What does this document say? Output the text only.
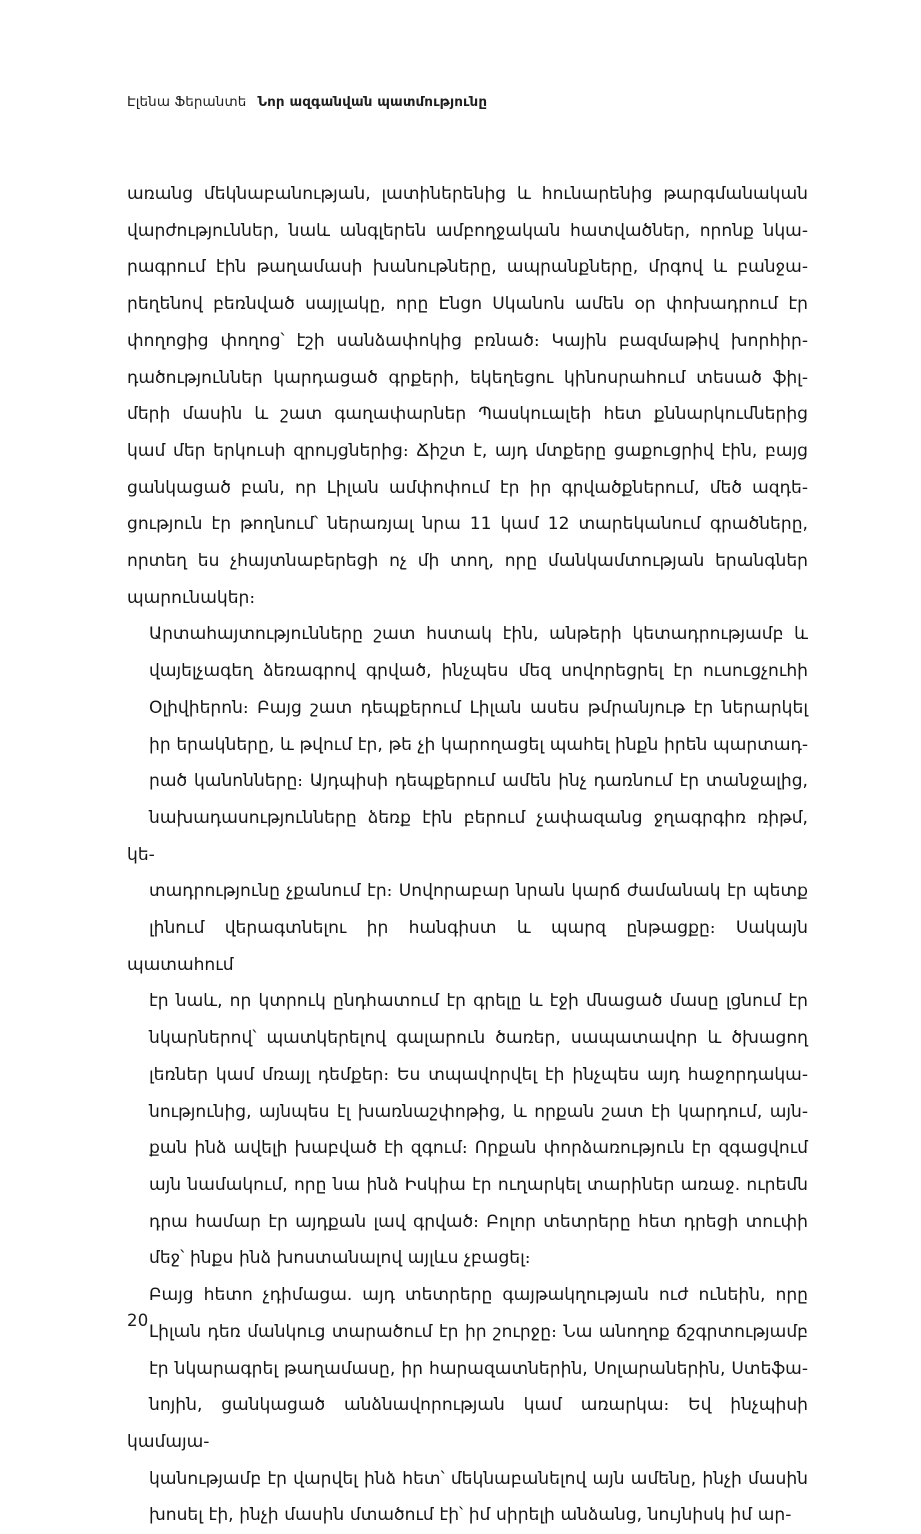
Էլենա Ֆերանտե Նոր ազգանվան պատմությունը

առանց մեկնաբանության, լատիներենից և հունարենից թարգմանական
վարժություններ, նաև անգլերեն ամբողջական հատվածներ, որոնք նկա-
րագրում էին թաղամասի խանութները, ապրանքները, մրգով և բանջա-
րեղենով բեռնված սայլակը, որը Էնցո Սկանոն ամեն օր փոխադրում էր
փողոցից փողոց՝ էշի սանձափոկից բռնած։ Կային բազմաթիվ խորհիր-
դածություններ կարդացած գրքերի, եկեղեցու կինոսրահում տեսած ֆիլ-
մերի մասին և շատ գաղափարներ Պասկուալեի հետ քննարկումներից
կամ մեր երկուսի զրույցներից։ Ճիշտ է, այդ մտքերը ցաքուցրիվ էին, բայց
ցանկացած բան, որ Լիլան ամփոփում էր իր գրվածքներում, մեծ ազդե-
ցություն էր թողնում՝ ներառյալ նրա 11 կամ 12 տարեկանում գրածները,
որտեղ ես չհայտնաբերեցի ոչ մի տող, որը մանկամտության երանգներ
պարունակեր։

Արտահայտությունները շատ հստակ էին, անթերի կետադրությամբ և
վայելչագեղ ձեռագրով գրված, ինչպես մեզ սովորեցրել էր ուսուցչուհի
Օլիվիերոն։ Բայց շատ դեպքերում Լիլան ասես թմրանյութ էր ներարկել
իր երակները, և թվում էր, թե չի կարողացել պահել ինքն իրեն պարտադ-
րած կանոնները։ Այդպիսի դեպքերում ամեն ինչ դառնում էր տանջալից,
նախադասությունները ձեռք էին բերում չափազանց ջղագրգիռ ռիթմ, կե-
տադրությունը չքանում էր։ Սովորաբար նրան կարճ ժամանակ էր պետք
լինում վերագտնելու իր հանգիստ և պարզ ընթացքը։ Սակայն պատահում
էր նաև, որ կտրուկ ընդհատում էր գրելը և էջի մնացած մասը լցնում էր
նկարներով՝ պատկերելով գալարուն ծառեր, սապատավոր և ծխացող
լեռներ կամ մռայլ դեմքեր։ Ես տպավորվել էի ինչպես այդ հաջորդակա-
նությունից, այնպես էլ խառնաշփոթից, և որքան շատ էի կարդում, այն-
քան ինձ ավելի խաբված էի զգում։ Որքան փորձառություն էր զգացվում
այն նամակում, որը նա ինձ Իսկիա էր ուղարկել տարիներ առաջ. ուրեմն
դրա համար էր այդքան լավ գրված։ Բոլոր տետրերը հետ դրեցի տուփի
մեջ՝ ինքս ինձ խոստանալով այլևս չբացել։

Բայց հետո չդիմացա. այդ տետրերը գայթակղության ուժ ունեին, որը
Լիլան դեռ մանկուց տարածում էր իր շուրջը։ Նա անողոք ճշգրտությամբ
էր նկարագրել թաղամասը, իր հարազատներին, Սոլարաներին, Ստեֆա-
նոյին, ցանկացած անձնավորության կամ առարկա։ Եվ ինչպիսի կամայա-
կանությամբ էր վարվել ինձ հետ՝ մեկնաբանելով այն ամենը, ինչի մասին
խոսել էի, ինչի մասին մտածում էի՝ իմ սիրելի անձանց, նույնիսկ իմ ար-

20
